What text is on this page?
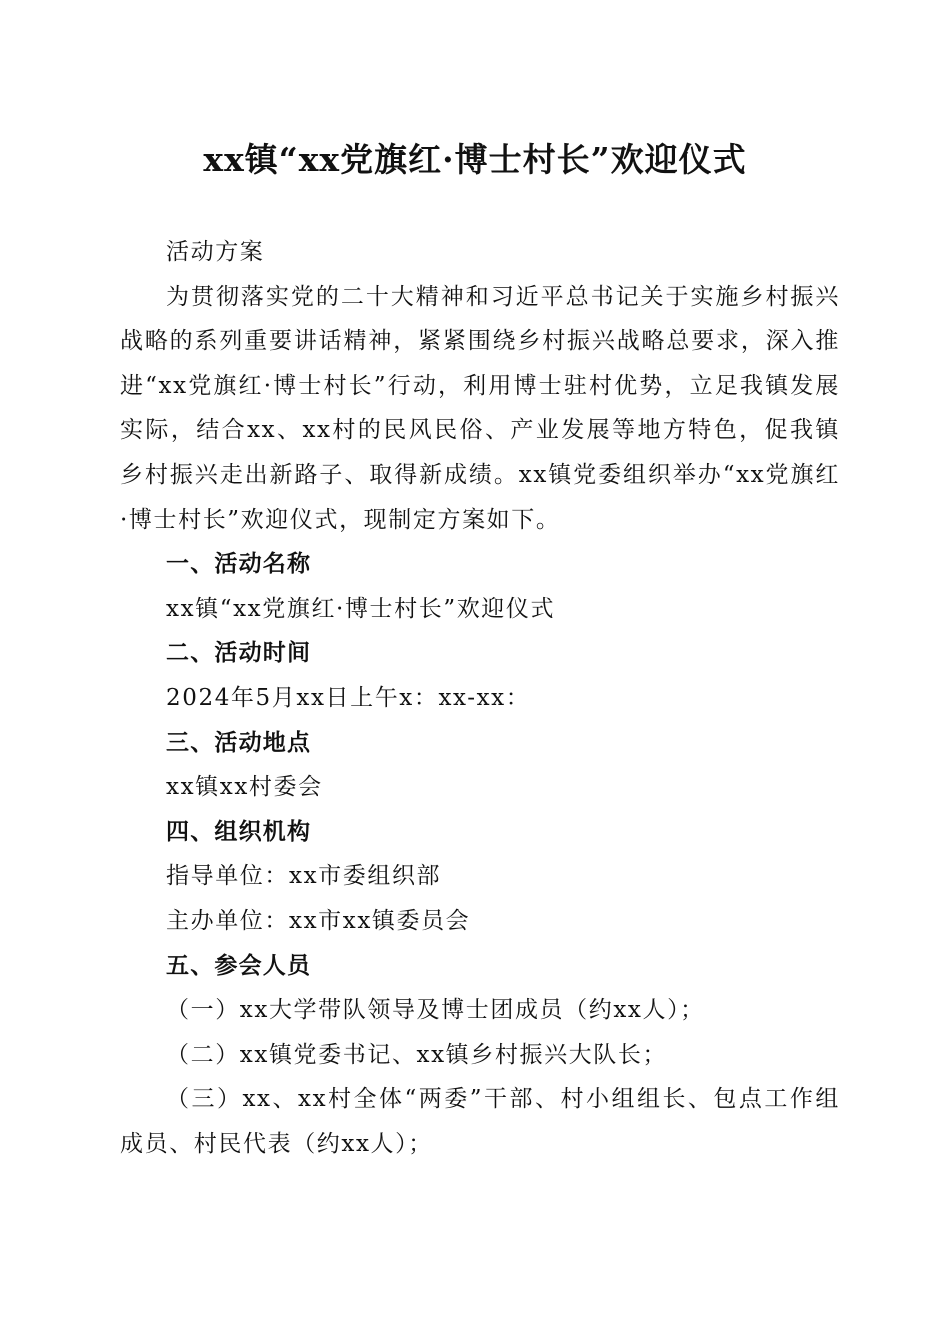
xx镇“xx党旗红·博士村长”欢迎仪式

活动方案

为贯彻落实党的二十大精神和习近平总书记关于实施乡村振兴战略的系列重要讲话精神，紧紧围绕乡村振兴战略总要求，深入推进“xx党旗红·博士村长”行动，利用博士驻村优势，立足我镇发展实际，结合xx、xx村的民风民俗、产业发展等地方特色，促我镇乡村振兴走出新路子、取得新成绩。xx镇党委组织举办“xx党旗红·博士村长”欢迎仪式，现制定方案如下。

一、活动名称

xx镇“xx党旗红·博士村长”欢迎仪式

二、活动时间

2024年5月xx日上午x：xx-xx：

三、活动地点

xx镇xx村委会

四、组织机构

指导单位：xx市委组织部

主办单位：xx市xx镇委员会

五、参会人员

（一）xx大学带队领导及博士团成员（约xx人）；

（二）xx镇党委书记、xx镇乡村振兴大队长；

（三）xx、xx村全体“两委”干部、村小组组长、包点工作组成员、村民代表（约xx人）；
